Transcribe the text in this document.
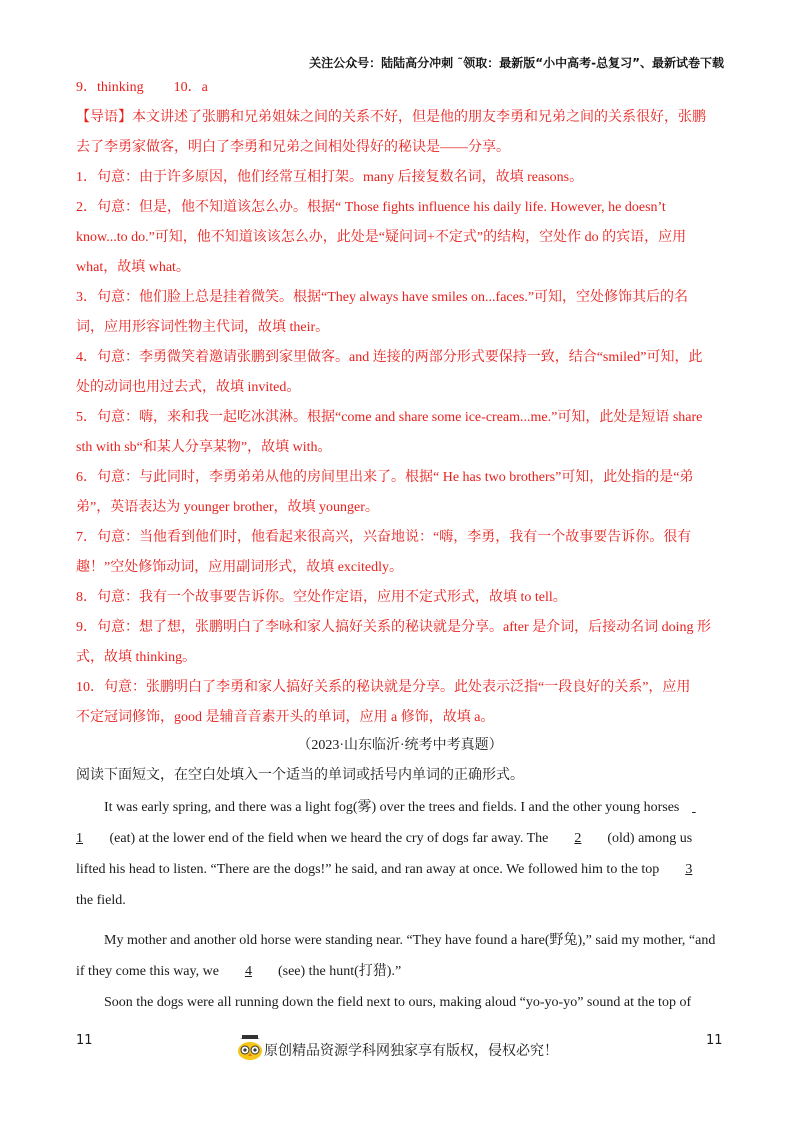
关注公众号：陆陆高分冲刺 ˜领取：最新版“小中高考-总复习”、最新试卷下载
9．thinking 10．a
【导语】本文讲述了张鹏和兄弟姐妹之间的关系不好，但是他的朋友李勇和兄弟之间的关系很好，张鹏
去了李勇家做客，明白了李勇和兄弟之间相处得好的秘诀是——分享。
1．句意：由于许多原因，他们经常互相打架。many 后接复数名词，故填 reasons。
2．句意：但是，他不知道该怎么办。根据“ Those fights influence his daily life. However, he doesn’t
know...to do.”可知，他不知道该该怎么办，此处是“疑问词+不定式”的结构，空处作 do 的宾语，应用
what，故填 what。
3．句意：他们脸上总是挂着微笑。根据“They always have smiles on...faces.”可知，空处修饰其后的名
词，应用形容词性物主代词，故填 their。
4．句意：李勇微笑着邀请张鹏到家里做客。and 连接的两部分形式要保持一致，结合“smiled”可知，此
处的动词也用过去式，故填 invited。
5．句意：嗨，来和我一起吃冰淇淋。根据“come and share some ice-cream...me.”可知，此处是短语 share
sth with sb“和某人分享某物”，故填 with。
6．句意：与此同时，李勇弟弟从他的房间里出来了。根据“ He has two brothers”可知，此处指的是“弟
弟”，英语表达为 younger brother，故填 younger。
7．句意：当他看到他们时，他看起来很高兴，兴奋地说：“嗨，李勇，我有一个故事要告诉你。很有
趣！”空处修饰动词，应用副词形式，故填 excitedly。
8．句意：我有一个故事要告诉你。空处作定语，应用不定式形式，故填 to tell。
9．句意：想了想，张鹏明白了李咏和家人搞好关系的秘诀就是分享。after 是介词，后接动名词 doing 形
式，故填 thinking。
10．句意：张鹏明白了李勇和家人搞好关系的秘诀就是分享。此处表示泛指“一段良好的关系”，应用
不定冠词修饰，good 是辅音音素开头的单词，应用 a 修饰，故填 a。
（2023·山东临沂·统考中考真题）
阅读下面短文，在空白处填入一个适当的单词或括号内单词的正确形式。
It was early spring, and there was a light fog(雾) over the trees and fields. I and the other young horses
1 (eat) at the lower end of the field when we heard the cry of dogs far away. The 2 (old) among us
lifted his head to listen. “There are the dogs!” he said, and ran away at once. We followed him to the top 3
the field.
My mother and another old horse were standing near. “They have found a hare(野兔),” said my mother, “and
if they come this way, we 4 (see) the hunt(打猎).”
Soon the dogs were all running down the field next to ours, making aloud “yo-yo-yo” sound at the top of
11
原创精品资源学科网独家享有版权，侵权必究！
11
